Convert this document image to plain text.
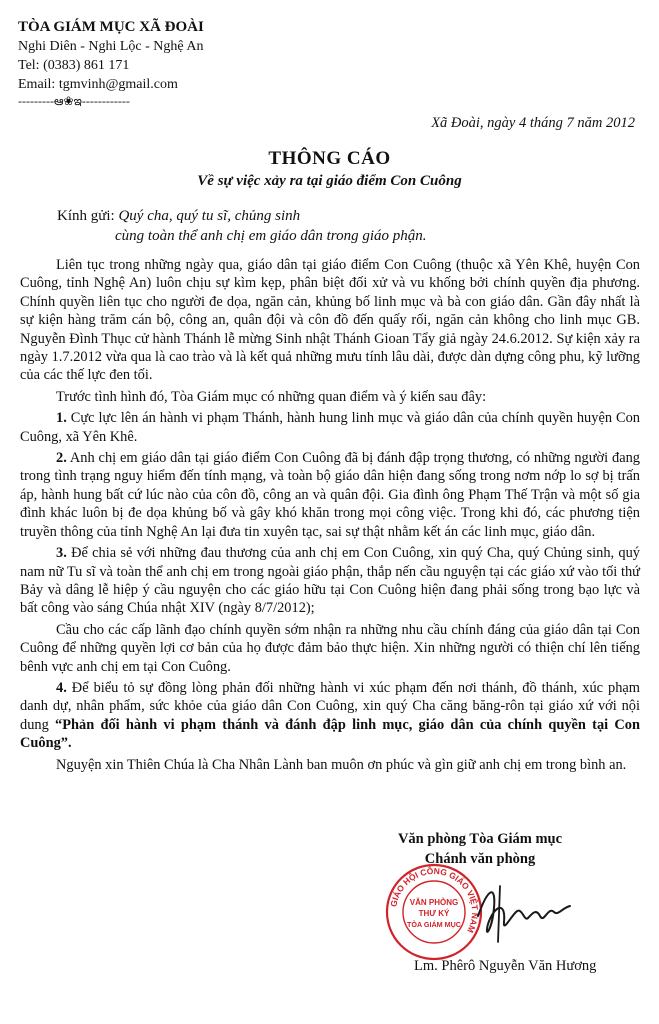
TÒA GIÁM MỤC XÃ ĐOÀI
Nghi Diên - Nghi Lộc - Nghệ An
Tel: (0383) 861 171
Email: tgmvinh@gmail.com
---------ఆ❀ఇ------------
Xã Đoài, ngày 4 tháng 7 năm 2012
THÔNG CÁO
Về sự việc xảy ra tại giáo điểm Con Cuông
Kính gửi: Quý cha, quý tu sĩ, chủng sinh
cùng toàn thể anh chị em giáo dân trong giáo phận.

Liên tục trong những ngày qua, giáo dân tại giáo điểm Con Cuông (thuộc xã Yên Khê, huyện Con Cuông, tỉnh Nghệ An) luôn chịu sự kìm kẹp, phân biệt đối xử và vu khống bởi chính quyền địa phương. Chính quyền liên tục cho người đe dọa, ngăn cản, khủng bố linh mục và bà con giáo dân. Gần đây nhất là sự kiện hàng trăm cán bộ, công an, quân đội và côn đồ đến quấy rối, ngăn cản không cho linh mục GB. Nguyễn Đình Thục cử hành Thánh lễ mừng Sinh nhật Thánh Gioan Tẩy giả ngày 24.6.2012. Sự kiện xảy ra ngày 1.7.2012 vừa qua là cao trào và là kết quả những mưu tính lâu dài, được dàn dựng công phu, kỹ lưỡng của các thế lực đen tối.

Trước tình hình đó, Tòa Giám mục có những quan điểm và ý kiến sau đây:

1. Cực lực lên án hành vi phạm Thánh, hành hung linh mục và giáo dân của chính quyền huyện Con Cuông, xã Yên Khê.

2. Anh chị em giáo dân tại giáo điểm Con Cuông đã bị đánh đập trọng thương, có những người đang trong tình trạng nguy hiểm đến tính mạng, và toàn bộ giáo dân hiện đang sống trong nơm nớp lo sợ bị trấn áp, hành hung bất cứ lúc nào của côn đồ, công an và quân đội. Gia đình ông Phạm Thế Trận và một số gia đình khác luôn bị đe dọa khủng bố và gây khó khăn trong mọi công việc. Trong khi đó, các phương tiện truyền thông của tỉnh Nghệ An lại đưa tin xuyên tạc, sai sự thật nhằm kết án các linh mục, giáo dân.

3. Để chia sẻ với những đau thương của anh chị em Con Cuông, xin quý Cha, quý Chủng sinh, quý nam nữ Tu sĩ và toàn thể anh chị em trong ngoài giáo phận, thắp nến cầu nguyện tại các giáo xứ vào tối thứ Bảy và dâng lễ hiệp ý cầu nguyện cho các giáo hữu tại Con Cuông hiện đang phải sống trong bạo lực và bất công vào sáng Chúa nhật XIV (ngày 8/7/2012);

Cầu cho các cấp lãnh đạo chính quyền sớm nhận ra những nhu cầu chính đáng của giáo dân tại Con Cuông để những quyền lợi cơ bản của họ được đảm bảo thực hiện. Xin những người có thiện chí lên tiếng bênh vực anh chị em tại Con Cuông.

4. Để biểu tỏ sự đồng lòng phản đối những hành vi xúc phạm đến nơi thánh, đồ thánh, xúc phạm danh dự, nhân phẩm, sức khỏe của giáo dân Con Cuông, xin quý Cha căng băng-rôn tại giáo xứ với nội dung “Phản đối hành vi phạm thánh và đánh đập linh mục, giáo dân của chính quyền tại Con Cuông”.

Nguyện xin Thiên Chúa là Cha Nhân Lành ban muôn ơn phúc và gìn giữ anh chị em trong bình an.

Văn phòng Tòa Giám mục
Chánh văn phòng
GIÁO HỘI CÔNG GIÁO VIỆT NAM
VĂN PHÒNG
THƯ KÝ
TÒA GIÁM MỤC
Lm. Phêrô Nguyễn Văn Hương
